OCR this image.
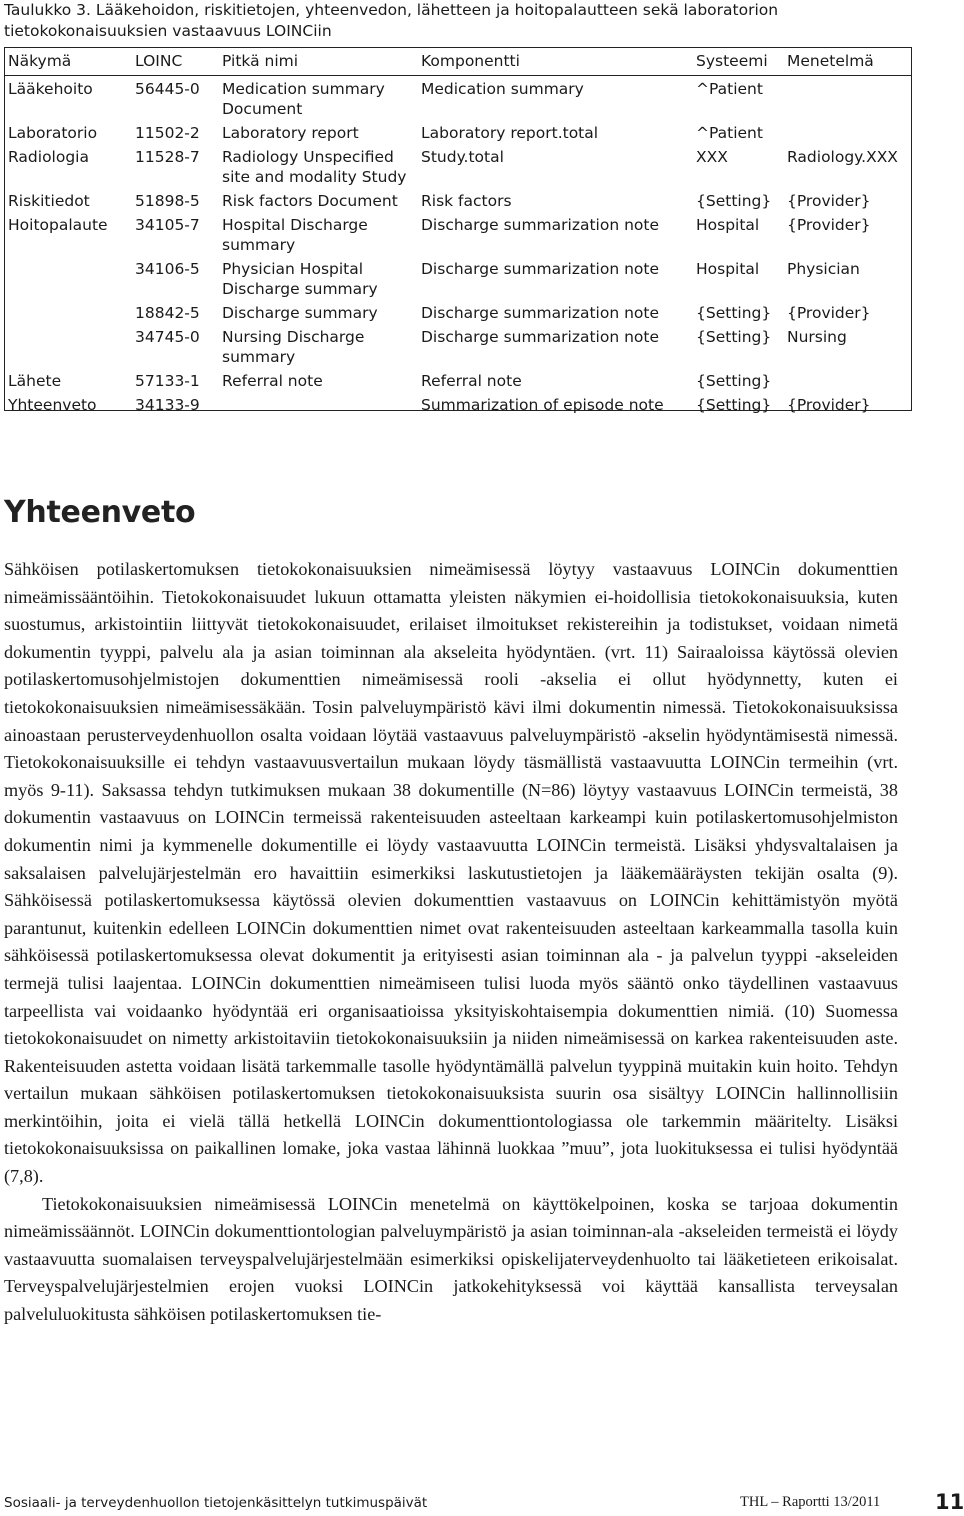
Taulukko 3. Lääkehoidon, riskitietojen, yhteenvedon, lähetteen ja hoitopalautteen sekä laboratorion tietokokonaisuuksien vastaavuus LOINCiin
Näkymä	LOINC	Pitkä nimi	Komponentti	Systeemi	Menetelmä
Lääkehoito	56445-0	Medication summary Document	Medication summary	^Patient	
Laboratorio	11502-2	Laboratory report	Laboratory report.total	^Patient	
Radiologia	11528-7	Radiology Unspecified site and modality Study	Study.total	XXX	Radiology.XXX
Riskitiedot	51898-5	Risk factors Document	Risk factors	{Setting}	{Provider}
Hoitopalaute	34105-7	Hospital Discharge summary	Discharge summarization note	Hospital	{Provider}
	34106-5	Physician Hospital Discharge summary	Discharge summarization note	Hospital	Physician
	18842-5	Discharge summary	Discharge summarization note	{Setting}	{Provider}
	34745-0	Nursing Discharge summary	Discharge summarization note	{Setting}	Nursing
Lähete	57133-1	Referral note	Referral note	{Setting}	
Yhteenveto	34133-9		Summarization of episode note	{Setting}	{Provider}
Yhteenveto

Sähköisen potilaskertomuksen tietokokonaisuuksien nimeämisessä löytyy vastaavuus LOINCin dokumenttien nimeämissääntöihin. Tietokokonaisuudet lukuun ottamatta yleisten näkymien ei-hoidollisia tietokokonaisuuksia, kuten suostumus, arkistointiin liittyvät tietokokonaisuudet, erilaiset ilmoitukset rekistereihin ja todistukset, voidaan nimetä dokumentin tyyppi, palvelu ala ja asian toiminnan ala akseleita hyödyntäen. (vrt. 11) Sairaaloissa käytössä olevien potilaskertomusohjelmistojen dokumenttien nimeämisessä rooli -akselia ei ollut hyödynnetty, kuten ei tietokokonaisuuksien nimeämisessäkään. Tosin palveluympäristö kävi ilmi dokumentin nimessä. Tietokokonaisuuksissa ainoastaan perusterveydenhuollon osalta voidaan löytää vastaavuus palveluympäristö -akselin hyödyntämisestä nimessä. Tietokokonaisuuksille ei tehdyn vastaavuusvertailun mukaan löydy täsmällistä vastaavuutta LOINCin termeihin (vrt. myös 9-11). Saksassa tehdyn tutkimuksen mukaan 38 dokumentille (N=86) löytyy vastaavuus LOINCin termeistä, 38 dokumentin vastaavuus on LOINCin termeissä rakenteisuuden asteeltaan karkeampi kuin potilaskertomusohjelmiston dokumentin nimi ja kymmenelle dokumentille ei löydy vastaavuutta LOINCin termeistä. Lisäksi yhdysvaltalaisen ja saksalaisen palvelujärjestelmän ero havaittiin esimerkiksi laskutustietojen ja lääkemääräysten tekijän osalta (9). Sähköisessä potilaskertomuksessa käytössä olevien dokumenttien vastaavuus on LOINCin kehittämistyön myötä parantunut, kuitenkin edelleen LOINCin dokumenttien nimet ovat rakenteisuuden asteeltaan karkeammalla tasolla kuin sähköisessä potilaskertomuksessa olevat dokumentit ja erityisesti asian toiminnan ala - ja palvelun tyyppi -akseleiden termejä tulisi laajentaa. LOINCin dokumenttien nimeämiseen tulisi luoda myös sääntö onko täydellinen vastaavuus tarpeellista vai voidaanko hyödyntää eri organisaatioissa yksityiskohtaisempia dokumenttien nimiä. (10) Suomessa tietokokonaisuudet on nimetty arkistoitaviin tietokokonaisuuksiin ja niiden nimeämisessä on karkea rakenteisuuden aste. Rakenteisuuden astetta voidaan lisätä tarkemmalle tasolle hyödyntämällä palvelun tyyppinä muitakin kuin hoito. Tehdyn vertailun mukaan sähköisen potilaskertomuksen tietokokonaisuuksista suurin osa sisältyy LOINCin hallinnollisiin merkintöihin, joita ei vielä tällä hetkellä LOINCin dokumenttiontologiassa ole tarkemmin määritelty. Lisäksi tietokokonaisuuksissa on paikallinen lomake, joka vastaa lähinnä luokkaa ”muu”, jota luokituksessa ei tulisi hyödyntää (7,8).

Tietokokonaisuuksien nimeämisessä LOINCin menetelmä on käyttökelpoinen, koska se tarjoaa dokumentin nimeämissäännöt. LOINCin dokumenttiontologian palveluympäristö ja asian toiminnan-ala -akseleiden termeistä ei löydy vastaavuutta suomalaisen terveyspalvelujärjestelmään esimerkiksi opiskelijaterveydenhuolto tai lääketieteen erikoisalat. Terveyspalvelujärjestelmien erojen vuoksi LOINCin jatkokehityksessä voi käyttää kansallista terveysalan palveluluokitusta sähköisen potilaskertomuksen tie-

Sosiaali- ja terveydenhuollon tietojenkäsittelyn tutkimuspäivät	THL – Raportti 13/2011	11
